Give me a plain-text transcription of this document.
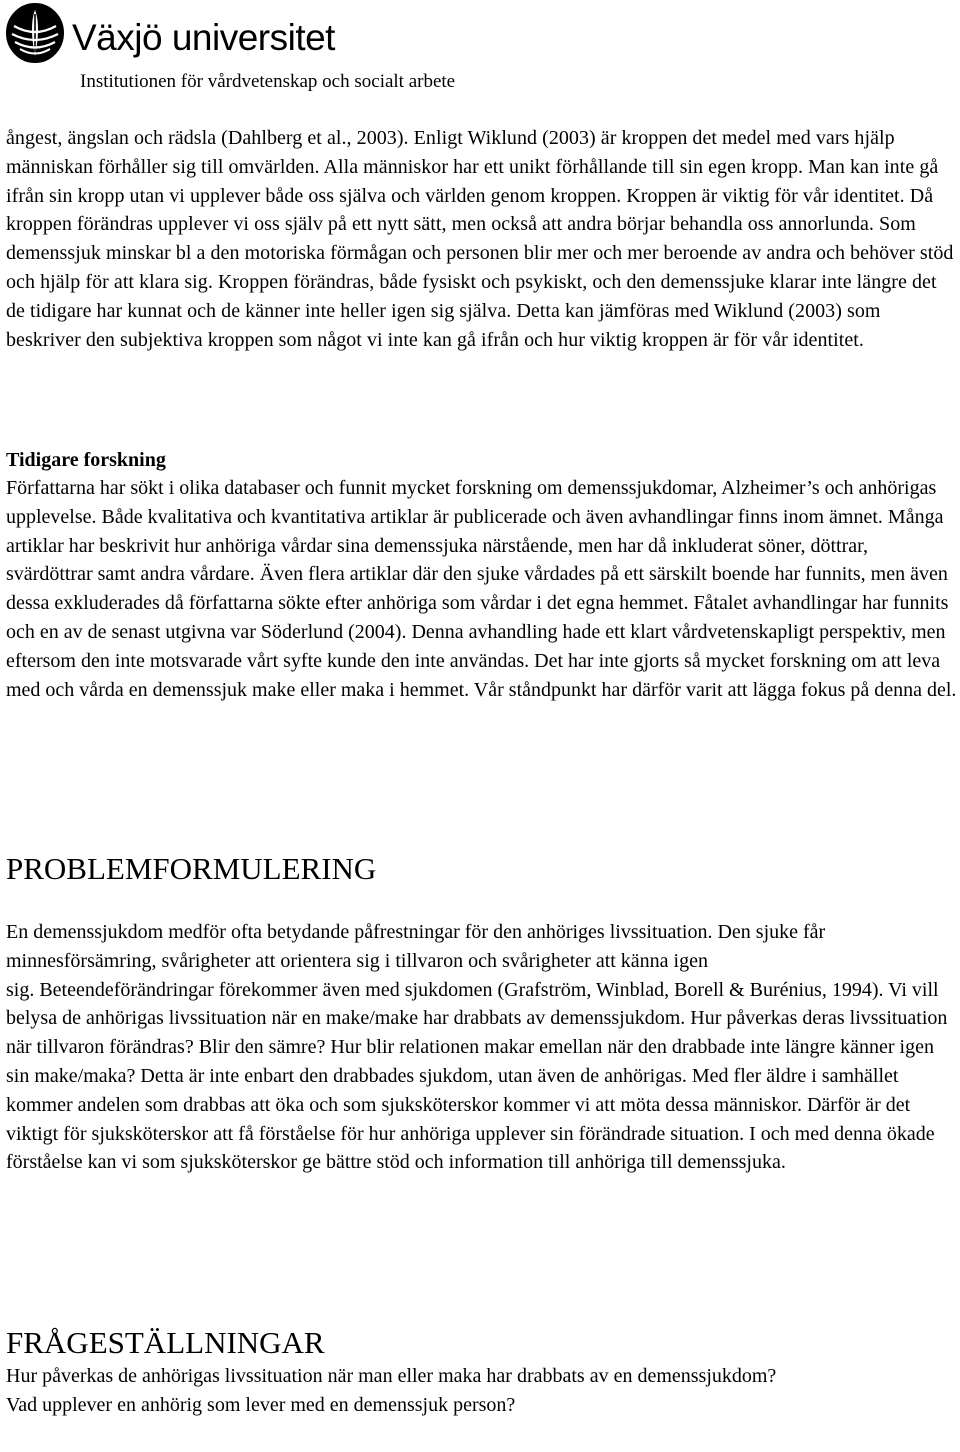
Växjö universitet
Institutionen för vårdvetenskap och socialt arbete

ångest, ängslan och rädsla (Dahlberg et al., 2003). Enligt Wiklund (2003) är kroppen det medel med vars hjälp människan förhåller sig till omvärlden. Alla människor har ett unikt förhållande till sin egen kropp. Man kan inte gå ifrån sin kropp utan vi upplever både oss själva och världen genom kroppen. Kroppen är viktig för vår identitet. Då kroppen förändras upplever vi oss själv på ett nytt sätt, men också att andra börjar behandla oss annorlunda. Som demenssjuk minskar bl a den motoriska förmågan och personen blir mer och mer beroende av andra och behöver stöd och hjälp för att klara sig. Kroppen förändras, både fysiskt och psykiskt, och den demenssjuke klarar inte längre det de tidigare har kunnat och de känner inte heller igen sig själva. Detta kan jämföras med Wiklund (2003) som beskriver den subjektiva kroppen som något vi inte kan gå ifrån och hur viktig kroppen är för vår identitet.

Tidigare forskning

Författarna har sökt i olika databaser och funnit mycket forskning om demenssjukdomar, Alzheimer’s och anhörigas upplevelse. Både kvalitativa och kvantitativa artiklar är publicerade och även avhandlingar finns inom ämnet. Många artiklar har beskrivit hur anhöriga vårdar sina demenssjuka närstående, men har då inkluderat söner, döttrar, svärdöttrar samt andra vårdare. Även flera artiklar där den sjuke vårdades på ett särskilt boende har funnits, men även dessa exkluderades då författarna sökte efter anhöriga som vårdar i det egna hemmet. Fåtalet avhandlingar har funnits och en av de senast utgivna var Söderlund (2004). Denna avhandling hade ett klart vårdvetenskapligt perspektiv, men eftersom den inte motsvarade vårt syfte kunde den inte användas. Det har inte gjorts så mycket forskning om att leva med och vårda en demenssjuk make eller maka i hemmet. Vår ståndpunkt har därför varit att lägga fokus på denna del.

PROBLEMFORMULERING

En demenssjukdom medför ofta betydande påfrestningar för den anhöriges livssituation. Den sjuke får minnesförsämring, svårigheter att orientera sig i tillvaron och svårigheter att känna igen

sig. Beteendeförändringar förekommer även med sjukdomen (Grafström, Winblad, Borell & Burénius, 1994). Vi vill belysa de anhörigas livssituation när en make/make har drabbats av demenssjukdom. Hur påverkas deras livssituation när tillvaron förändras? Blir den sämre? Hur blir relationen makar emellan när den drabbade inte längre känner igen sin make/maka? Detta är inte enbart den drabbades sjukdom, utan även de anhörigas. Med fler äldre i samhället kommer andelen som drabbas att öka och som sjuksköterskor kommer vi att möta dessa människor. Därför är det viktigt för sjuksköterskor att få förståelse för hur anhöriga upplever sin förändrade situation. I och med denna ökade förståelse kan vi som sjuksköterskor ge bättre stöd och information till anhöriga till demenssjuka.

FRÅGESTÄLLNINGAR

Hur påverkas de anhörigas livssituation när man eller maka har drabbats av en demenssjukdom?

Vad upplever en anhörig som lever med en demenssjuk person?
